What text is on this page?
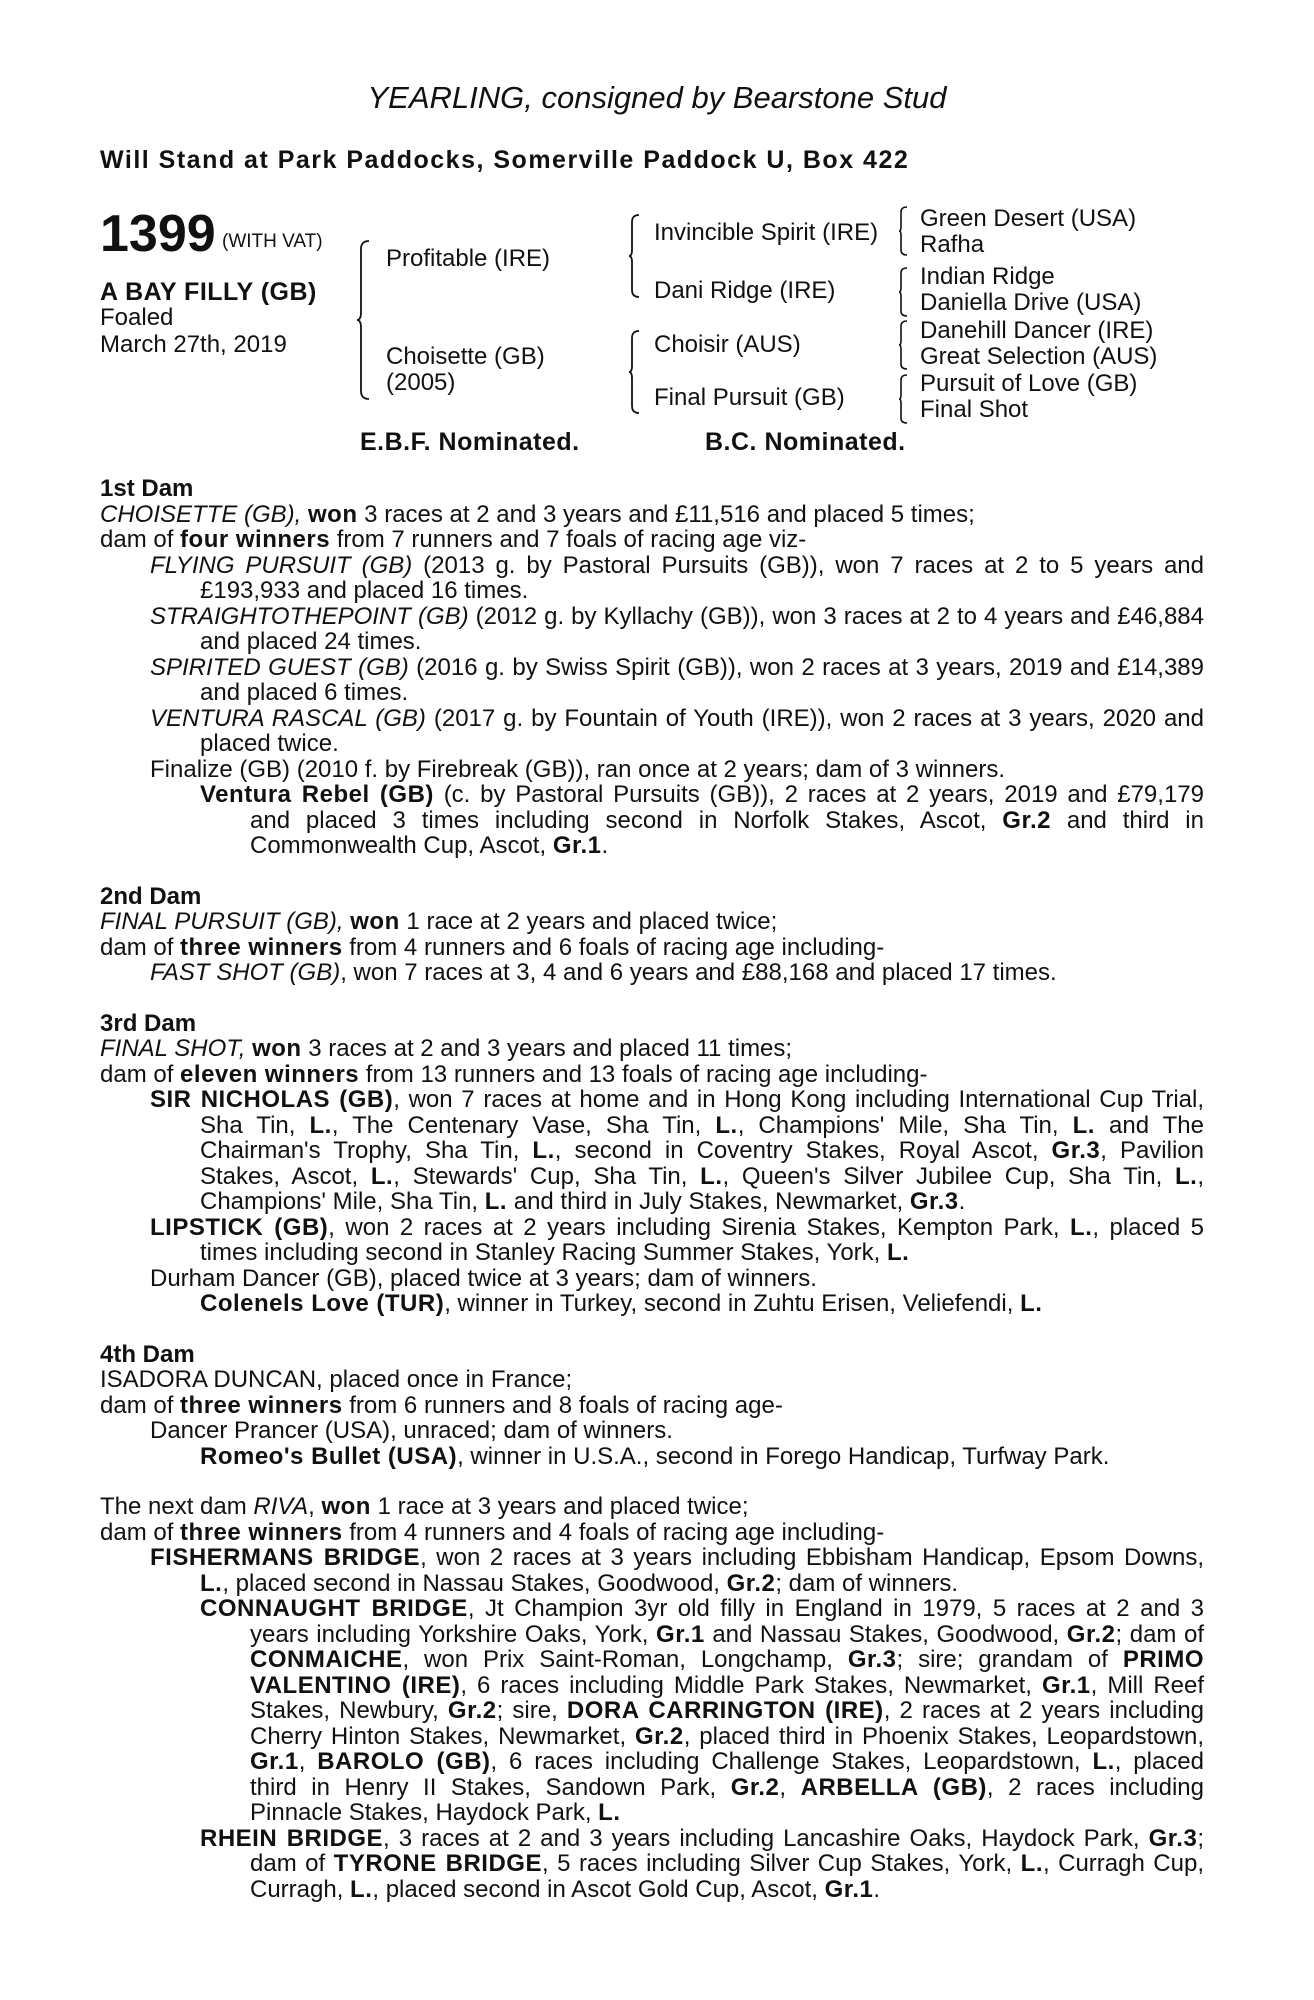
YEARLING, consigned by Bearstone Stud
Will Stand at Park Paddocks, Somerville Paddock U, Box 422
1399 (WITH VAT)
A BAY FILLY (GB)
Foaled
March 27th, 2019
Profitable (IRE)
Choisette (GB)
(2005)
Invincible Spirit (IRE)
Dani Ridge (IRE)
Choisir (AUS)
Final Pursuit (GB)
Green Desert (USA)
Rafha
Indian Ridge
Daniella Drive (USA)
Danehill Dancer (IRE)
Great Selection (AUS)
Pursuit of Love (GB)
Final Shot
E.B.F. Nominated.	B.C. Nominated.

1st Dam

CHOISETTE (GB), won 3 races at 2 and 3 years and £11,516 and placed 5 times;

dam of four winners from 7 runners and 7 foals of racing age viz-

FLYING PURSUIT (GB) (2013 g. by Pastoral Pursuits (GB)), won 7 races at 2 to 5 years and £193,933 and placed 16 times.

STRAIGHTOTHEPOINT (GB) (2012 g. by Kyllachy (GB)), won 3 races at 2 to 4 years and £46,884 and placed 24 times.

SPIRITED GUEST (GB) (2016 g. by Swiss Spirit (GB)), won 2 races at 3 years, 2019 and £14,389 and placed 6 times.

VENTURA RASCAL (GB) (2017 g. by Fountain of Youth (IRE)), won 2 races at 3 years, 2020 and placed twice.

Finalize (GB) (2010 f. by Firebreak (GB)), ran once at 2 years; dam of 3 winners.

Ventura Rebel (GB) (c. by Pastoral Pursuits (GB)), 2 races at 2 years, 2019 and £79,179 and placed 3 times including second in Norfolk Stakes, Ascot, Gr.2 and third in Commonwealth Cup, Ascot, Gr.1.

2nd Dam

FINAL PURSUIT (GB), won 1 race at 2 years and placed twice;

dam of three winners from 4 runners and 6 foals of racing age including-

FAST SHOT (GB), won 7 races at 3, 4 and 6 years and £88,168 and placed 17 times.

3rd Dam

FINAL SHOT, won 3 races at 2 and 3 years and placed 11 times;

dam of eleven winners from 13 runners and 13 foals of racing age including-

SIR NICHOLAS (GB), won 7 races at home and in Hong Kong including International Cup Trial, Sha Tin, L., The Centenary Vase, Sha Tin, L., Champions' Mile, Sha Tin, L. and The Chairman's Trophy, Sha Tin, L., second in Coventry Stakes, Royal Ascot, Gr.3, Pavilion Stakes, Ascot, L., Stewards' Cup, Sha Tin, L., Queen's Silver Jubilee Cup, Sha Tin, L., Champions' Mile, Sha Tin, L. and third in July Stakes, Newmarket, Gr.3.

LIPSTICK (GB), won 2 races at 2 years including Sirenia Stakes, Kempton Park, L., placed 5 times including second in Stanley Racing Summer Stakes, York, L.

Durham Dancer (GB), placed twice at 3 years; dam of winners.

Colenels Love (TUR), winner in Turkey, second in Zuhtu Erisen, Veliefendi, L.

4th Dam

ISADORA DUNCAN, placed once in France;

dam of three winners from 6 runners and 8 foals of racing age-

Dancer Prancer (USA), unraced; dam of winners.

Romeo's Bullet (USA), winner in U.S.A., second in Forego Handicap, Turfway Park.

The next dam RIVA, won 1 race at 3 years and placed twice;

dam of three winners from 4 runners and 4 foals of racing age including-

FISHERMANS BRIDGE, won 2 races at 3 years including Ebbisham Handicap, Epsom Downs, L., placed second in Nassau Stakes, Goodwood, Gr.2; dam of winners.

CONNAUGHT BRIDGE, Jt Champion 3yr old filly in England in 1979, 5 races at 2 and 3 years including Yorkshire Oaks, York, Gr.1 and Nassau Stakes, Goodwood, Gr.2; dam of CONMAICHE, won Prix Saint-Roman, Longchamp, Gr.3; sire; grandam of PRIMO VALENTINO (IRE), 6 races including Middle Park Stakes, Newmarket, Gr.1, Mill Reef Stakes, Newbury, Gr.2; sire, DORA CARRINGTON (IRE), 2 races at 2 years including Cherry Hinton Stakes, Newmarket, Gr.2, placed third in Phoenix Stakes, Leopardstown, Gr.1, BAROLO (GB), 6 races including Challenge Stakes, Leopardstown, L., placed third in Henry II Stakes, Sandown Park, Gr.2, ARBELLA (GB), 2 races including Pinnacle Stakes, Haydock Park, L.

RHEIN BRIDGE, 3 races at 2 and 3 years including Lancashire Oaks, Haydock Park, Gr.3; dam of TYRONE BRIDGE, 5 races including Silver Cup Stakes, York, L., Curragh Cup, Curragh, L., placed second in Ascot Gold Cup, Ascot, Gr.1.
